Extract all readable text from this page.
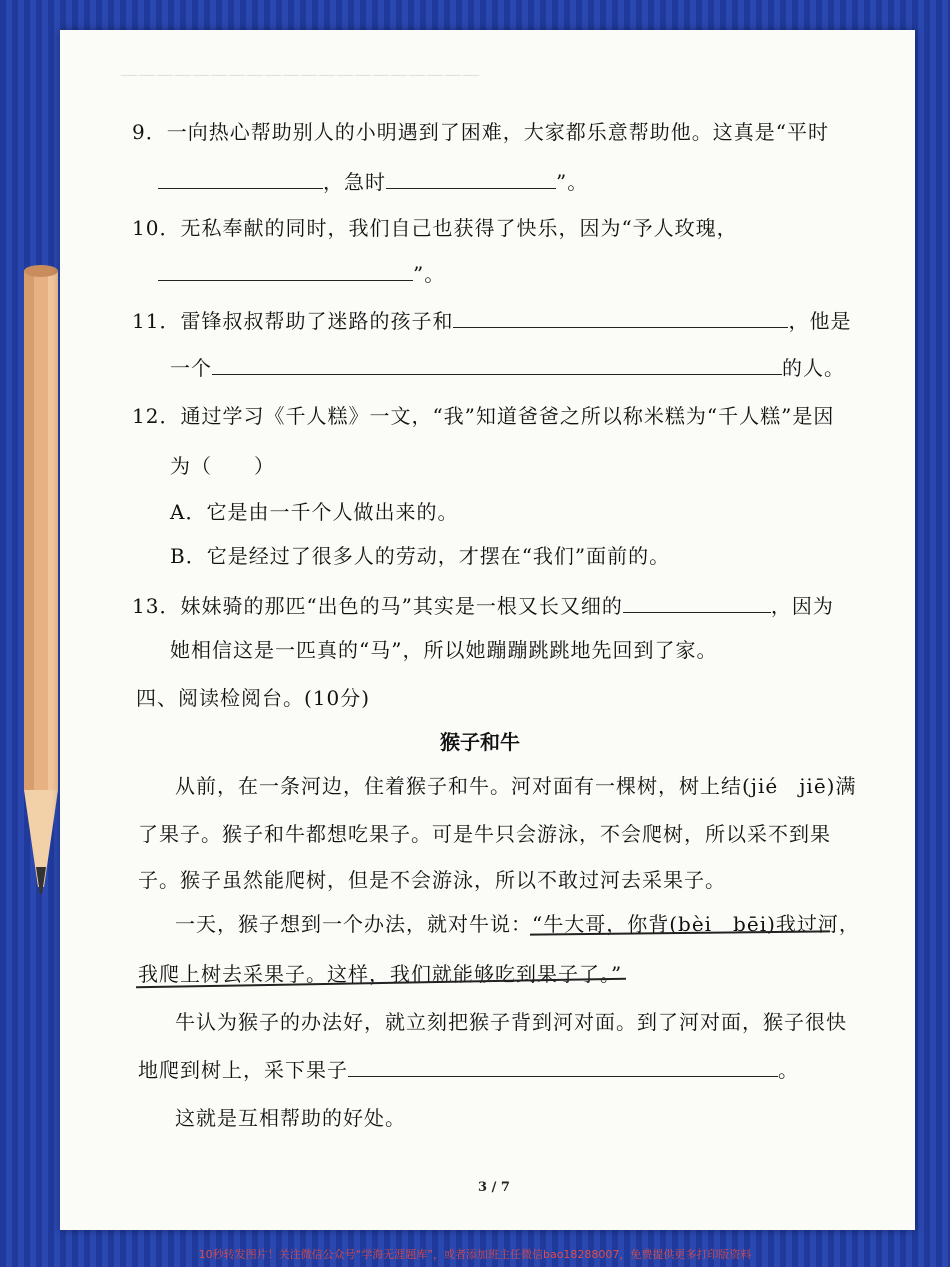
————————————————————
9．一向热心帮助别人的小明遇到了困难，大家都乐意帮助他。这真是“平时
，急时	”。
10．无私奉献的同时，我们自己也获得了快乐，因为“予人玫瑰，
”。
11．雷锋叔叔帮助了迷路的孩子和	，他是
一个	的人。
12．通过学习《千人糕》一文，“我”知道爸爸之所以称米糕为“千人糕”是因
为（　　）
A．它是由一千个人做出来的。
B．它是经过了很多人的劳动，才摆在“我们”面前的。
13．妹妹骑的那匹“出色的马”其实是一根又长又细的	，因为
她相信这是一匹真的“马”，所以她蹦蹦跳跳地先回到了家。
四、阅读检阅台。(10分)
猴子和牛
从前，在一条河边，住着猴子和牛。河对面有一棵树，树上结(jié　jiē)满
了果子。猴子和牛都想吃果子。可是牛只会游泳，不会爬树，所以采不到果
子。猴子虽然能爬树，但是不会游泳，所以不敢过河去采果子。
一天，猴子想到一个办法，就对牛说：“牛大哥，你背(bèi　bēi)我过河，
我爬上树去采果子。这样，我们就能够吃到果子了。”
牛认为猴子的办法好，就立刻把猴子背到河对面。到了河对面，猴子很快
地爬到树上，采下果子	。
这就是互相帮助的好处。
3 / 7
10秒转发图片！关注微信公众号“学海无涯题库”，或者添加班主任微信bao18288007，免费提供更多打印版资料
